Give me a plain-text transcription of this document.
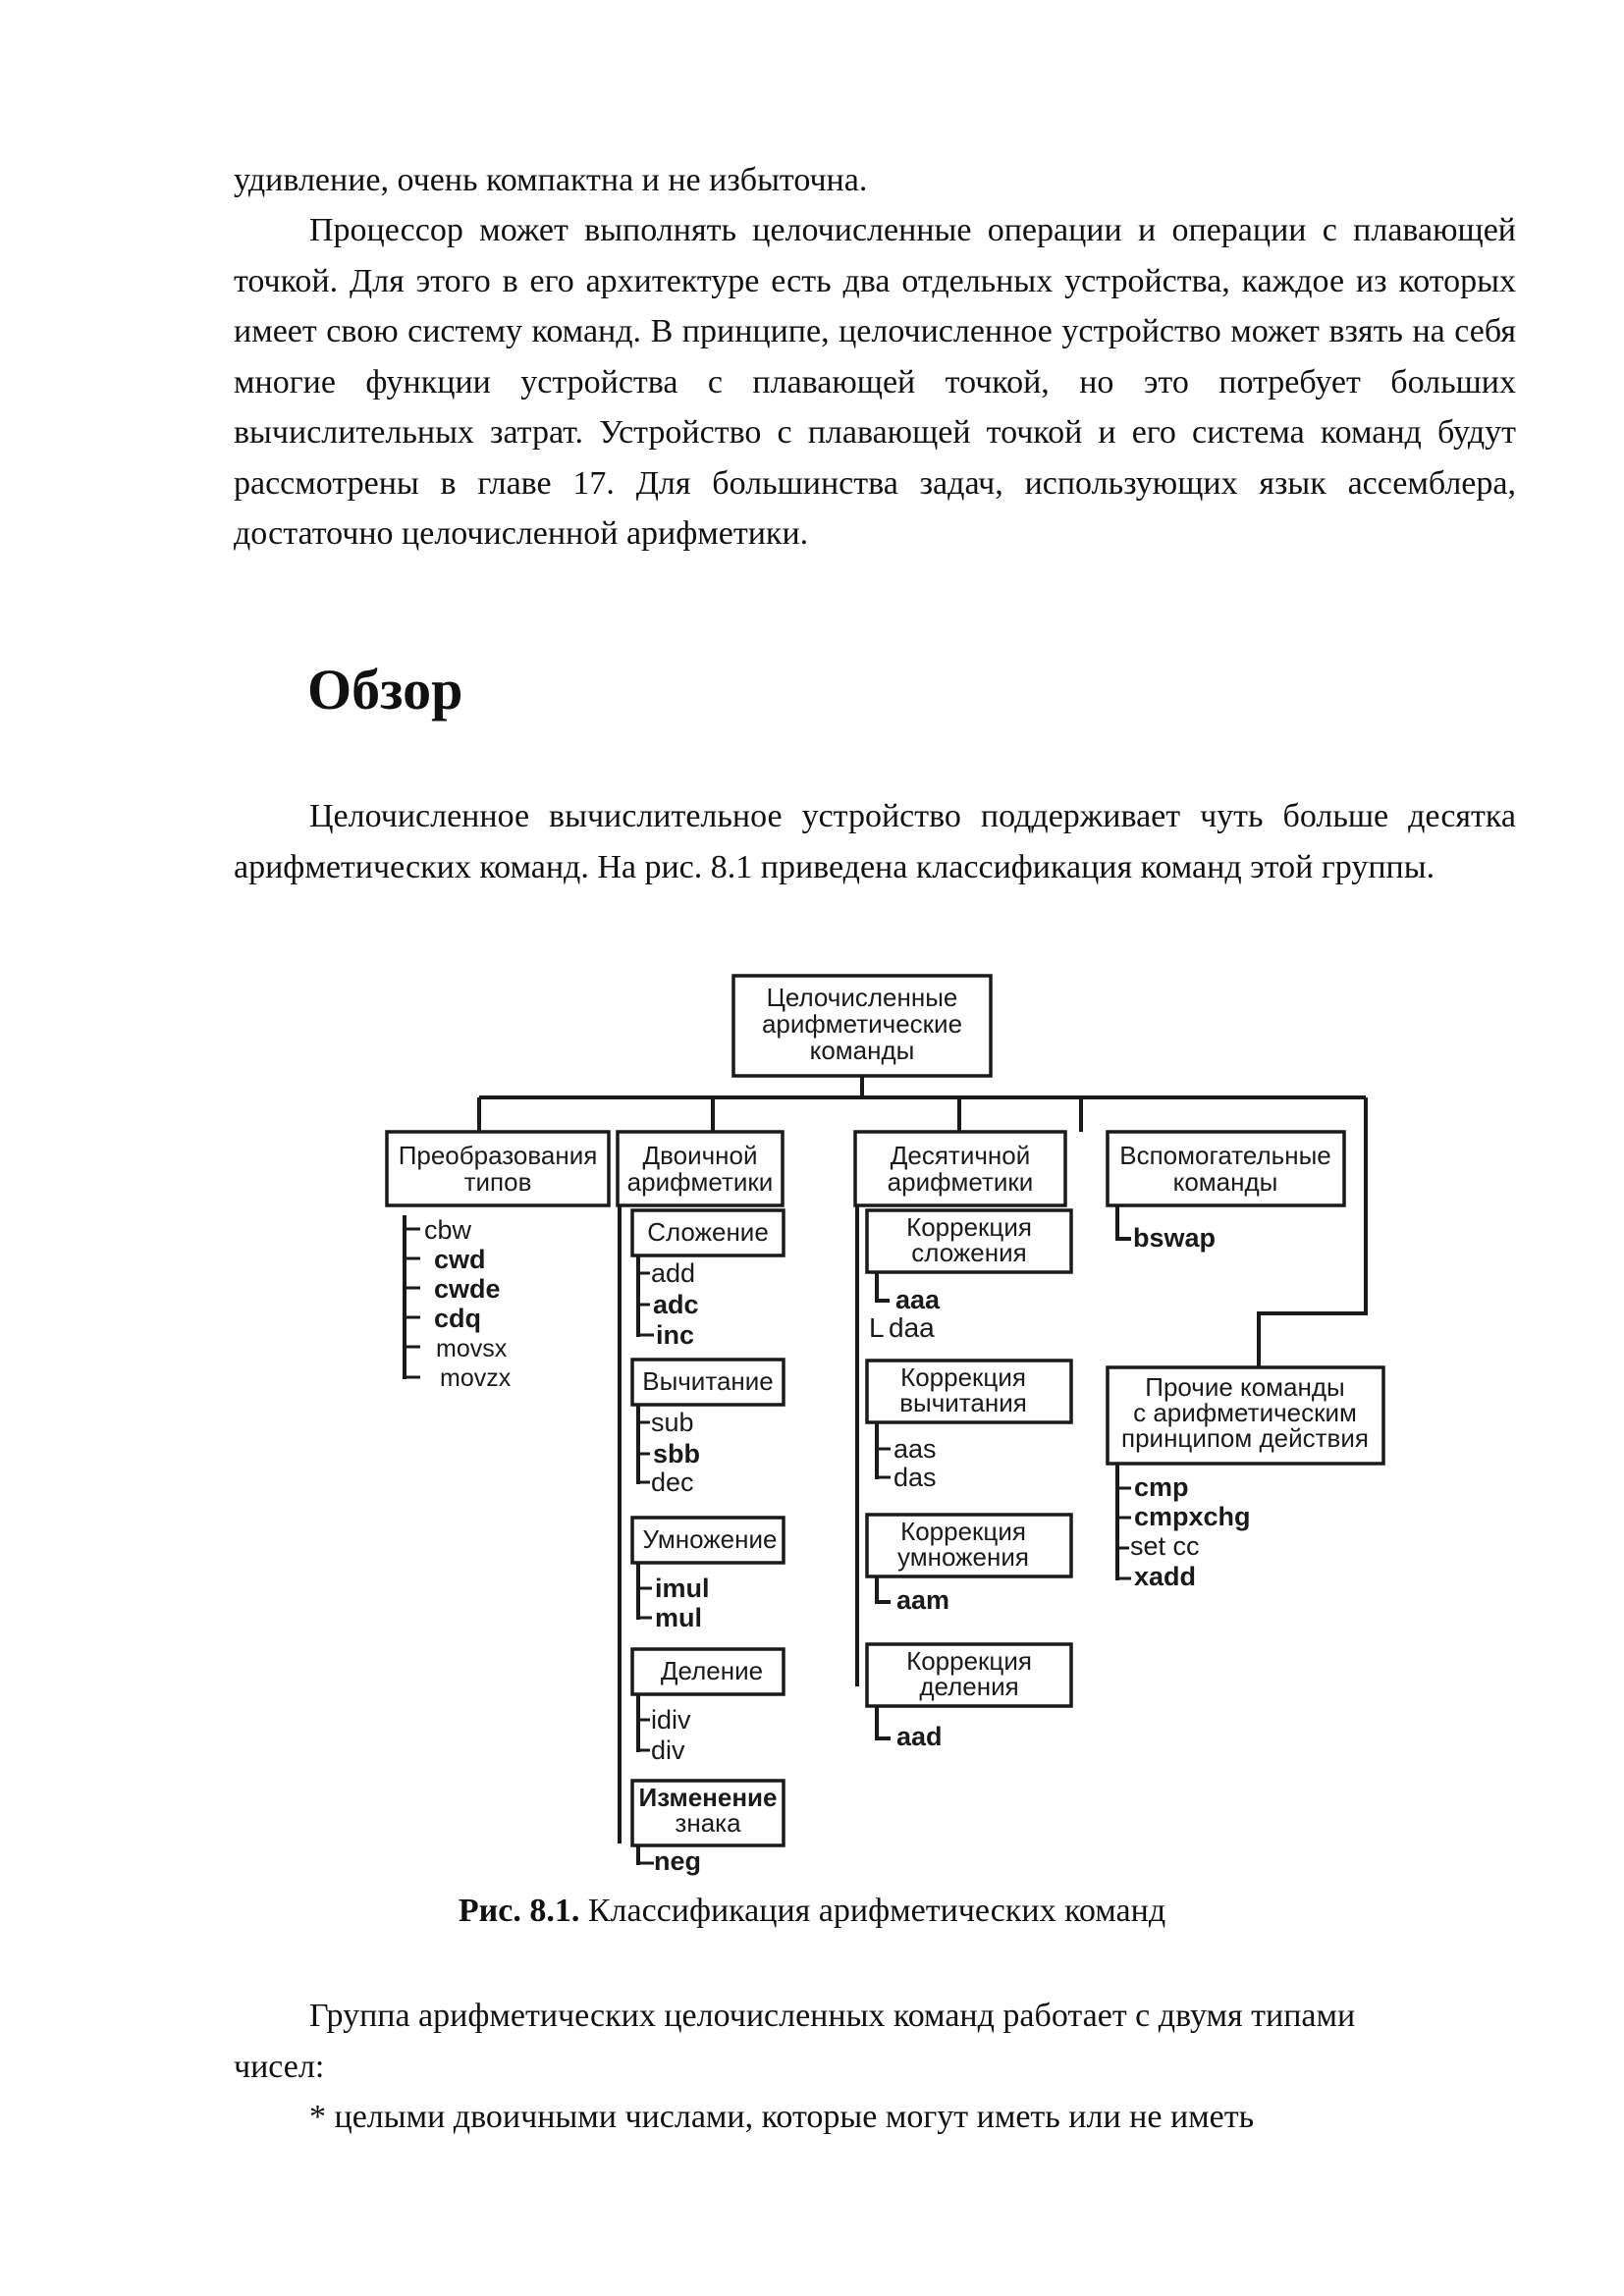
удивление, очень компактна и не избыточна.

Процессор может выполнять целочисленные операции и операции с плавающей точкой. Для этого в его архитектуре есть два отдельных устройства, каждое из которых имеет свою систему команд. В принципе, целочисленное устройство может взять на себя многие функции устройства с плавающей точкой, но это потребует больших вычислительных затрат. Устройство с плавающей точкой и его система команд будут рассмотрены в главе 17. Для большинства задач, использующих язык ассемблера, достаточно целочисленной арифметики.

Обзор

Целочисленное вычислительное устройство поддерживает чуть больше десятка арифметических команд. На рис. 8.1 приведена классификация команд этой группы.

Целочисленные
арифметические
команды
Преобразования
типов
cbw
cwd
cwde
cdq
movsx
movzx
Двоичной
арифметики
Сложение
add
adc
inc
Вычитание
sub
sbb
dec
Умножение
imul
mul
Деление
idiv
div
Изменение
знака
neg
Десятичной
арифметики
Коррекция
сложения
aaa
daa
L
Коррекция
вычитания
aas
das
Коррекция
умножения
aam
Коррекция
деления
aad
Вспомогательные
команды
bswap
Прочие команды
с арифметическим
принципом действия
cmp
cmpxchg
set cc
xadd
Рис. 8.1. Классификация арифметических команд

Группа арифметических целочисленных команд работает с двумя типами чисел:

* целыми двоичными числами, которые могут иметь или не иметь
